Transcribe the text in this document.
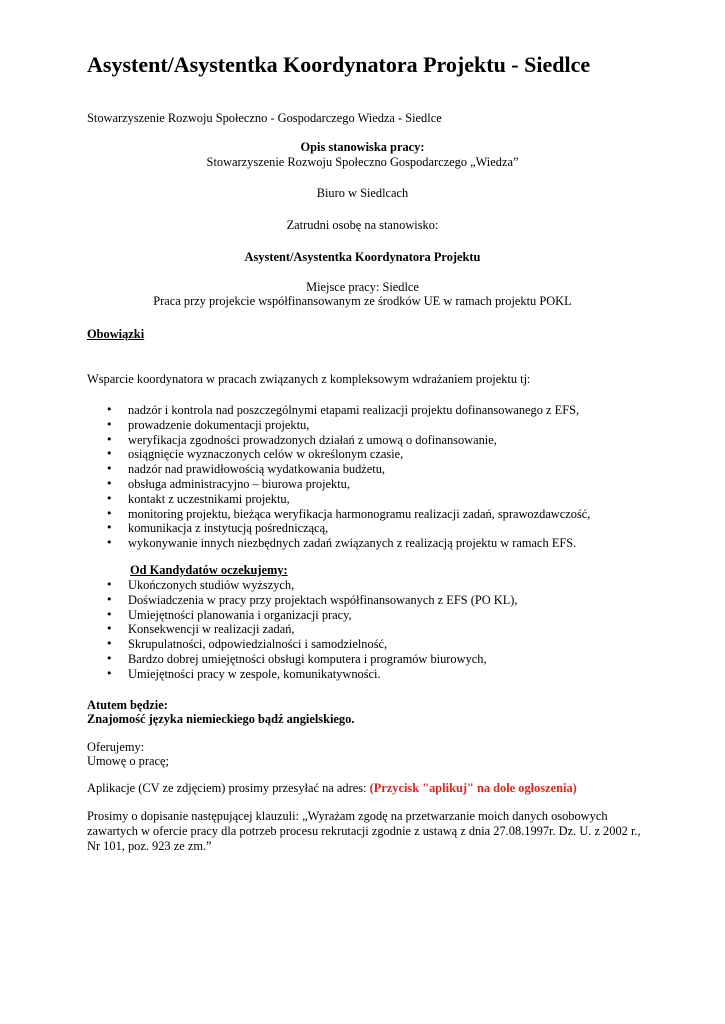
Asystent/Asystentka Koordynatora Projektu - Siedlce
Stowarzyszenie Rozwoju Społeczno - Gospodarczego Wiedza - Siedlce
Opis stanowiska pracy:
Stowarzyszenie Rozwoju Społeczno Gospodarczego „Wiedza”
Biuro w Siedlcach
Zatrudni osobę na stanowisko:
Asystent/Asystentka Koordynatora Projektu
Miejsce pracy: Siedlce
Praca przy projekcie współfinansowanym ze środków UE w ramach projektu POKL
Obowiązki
Wsparcie koordynatora w pracach związanych z kompleksowym wdrażaniem projektu tj:
• nadzór i kontrola nad poszczególnymi etapami realizacji projektu dofinansowanego z EFS,
• prowadzenie dokumentacji projektu,
• weryfikacja zgodności prowadzonych działań z umową o dofinansowanie,
• osiągnięcie wyznaczonych celów w określonym czasie,
• nadzór nad prawidłowością wydatkowania budżetu,
• obsługa administracyjno – biurowa projektu,
• kontakt z uczestnikami projektu,
• monitoring projektu, bieżąca weryfikacja harmonogramu realizacji zadań, sprawozdawczość,
• komunikacja z instytucją pośredniczącą,
• wykonywanie innych niezbędnych zadań związanych z realizacją projektu w ramach EFS.
Od Kandydatów oczekujemy:
• Ukończonych studiów wyższych,
• Doświadczenia w pracy przy projektach współfinansowanych z EFS (PO KL),
• Umiejętności planowania i organizacji pracy,
• Konsekwencji w realizacji zadań,
• Skrupulatności, odpowiedzialności i samodzielność,
• Bardzo dobrej umiejętności obsługi komputera i programów biurowych,
• Umiejętności pracy w zespole, komunikatywności.
Atutem będzie:
Znajomość języka niemieckiego bądź angielskiego.
Oferujemy:
Umowę o pracę;
Aplikacje (CV ze zdjęciem) prosimy przesyłać na adres: (Przycisk "aplikuj" na dole ogłoszenia)
Prosimy o dopisanie następującej klauzuli: „Wyrażam zgodę na przetwarzanie moich danych osobowych
zawartych w ofercie pracy dla potrzeb procesu rekrutacji zgodnie z ustawą z dnia 27.08.1997r. Dz. U. z 2002 r.,
Nr 101, poz. 923 ze zm.”
